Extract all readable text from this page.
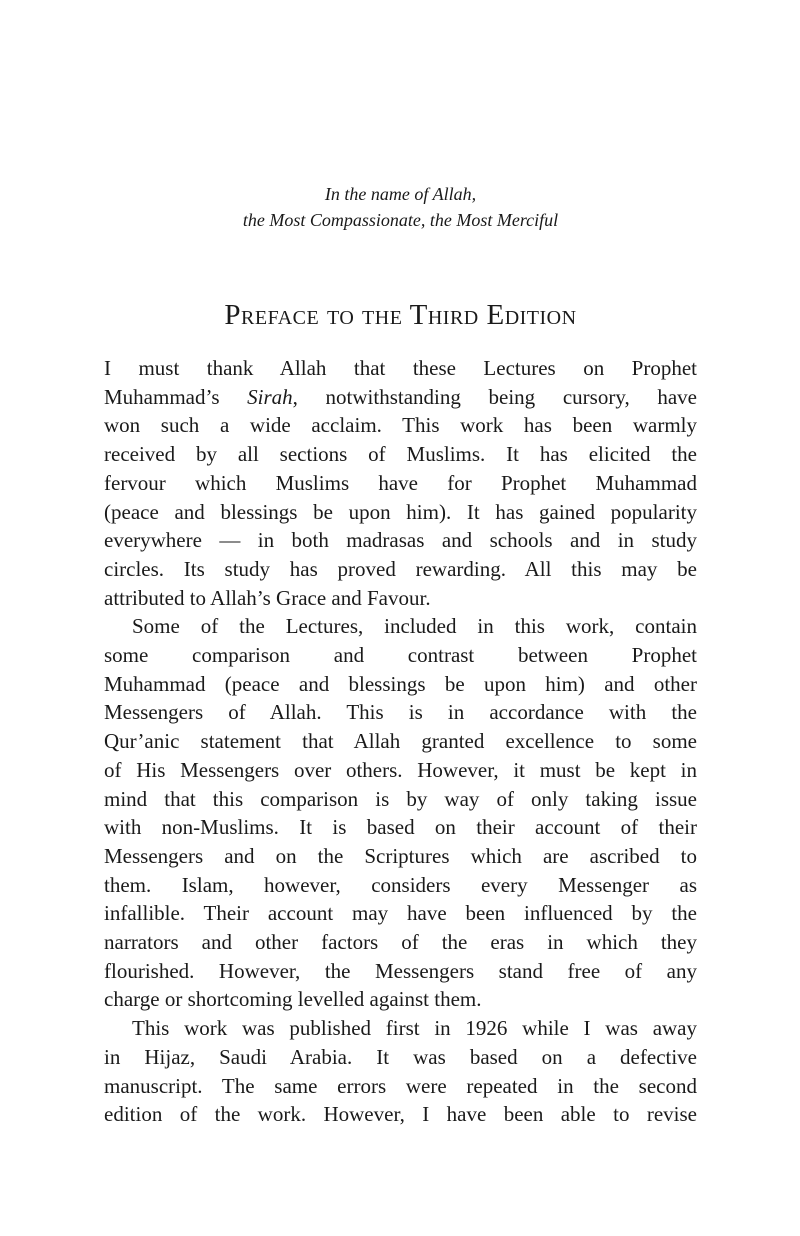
In the name of Allah,
the Most Compassionate, the Most Merciful
Preface to the Third Edition
I must thank Allah that these Lectures on Prophet
Muhammad’s Sirah, notwithstanding being cursory, have
won such a wide acclaim. This work has been warmly
received by all sections of Muslims. It has elicited the
fervour which Muslims have for Prophet Muhammad
(peace and blessings be upon him). It has gained popularity
everywhere — in both madrasas and schools and in study
circles. Its study has proved rewarding. All this may be
attributed to Allah’s Grace and Favour.
Some of the Lectures, included in this work, contain
some comparison and contrast between Prophet
Muhammad (peace and blessings be upon him) and other
Messengers of Allah. This is in accordance with the
Qur’anic statement that Allah granted excellence to some
of His Messengers over others. However, it must be kept in
mind that this comparison is by way of only taking issue
with non-Muslims. It is based on their account of their
Messengers and on the Scriptures which are ascribed to
them. Islam, however, considers every Messenger as
infallible. Their account may have been influenced by the
narrators and other factors of the eras in which they
flourished. However, the Messengers stand free of any
charge or shortcoming levelled against them.
This work was published first in 1926 while I was away
in Hijaz, Saudi Arabia. It was based on a defective
manuscript. The same errors were repeated in the second
edition of the work. However, I have been able to revise
